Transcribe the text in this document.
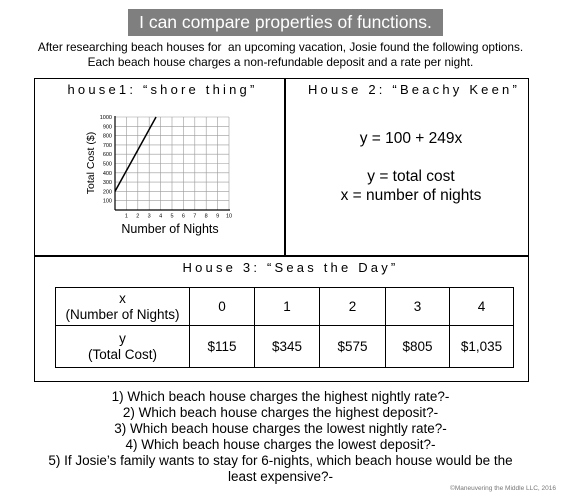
I can compare properties of functions.
After researching beach houses for  an upcoming vacation, Josie found the following options.
Each beach house charges a non-refundable deposit and a rate per night.
house1: “shore thing”
Total Cost ($)
Number of Nights
100
200
300
400
500
600
700
800
900
1000
1 2 3 4 5 6 7 8 9 10
House 2: “Beachy Keen”
y = 100 + 249x
y = total cost
x = number of nights
House 3: “Seas the Day”
x
(Number of Nights)	0	1	2	3	4

y
(Total Cost)	$115	$345	$575	$805	$1,035
1) Which beach house charges the highest nightly rate?-
2) Which beach house charges the highest deposit?-
3) Which beach house charges the lowest nightly rate?-
4) Which beach house charges the lowest deposit?-
5) If Josie’s family wants to stay for 6-nights, which beach house would be the least expensive?-
©Maneuvering the Middle LLC, 2016
